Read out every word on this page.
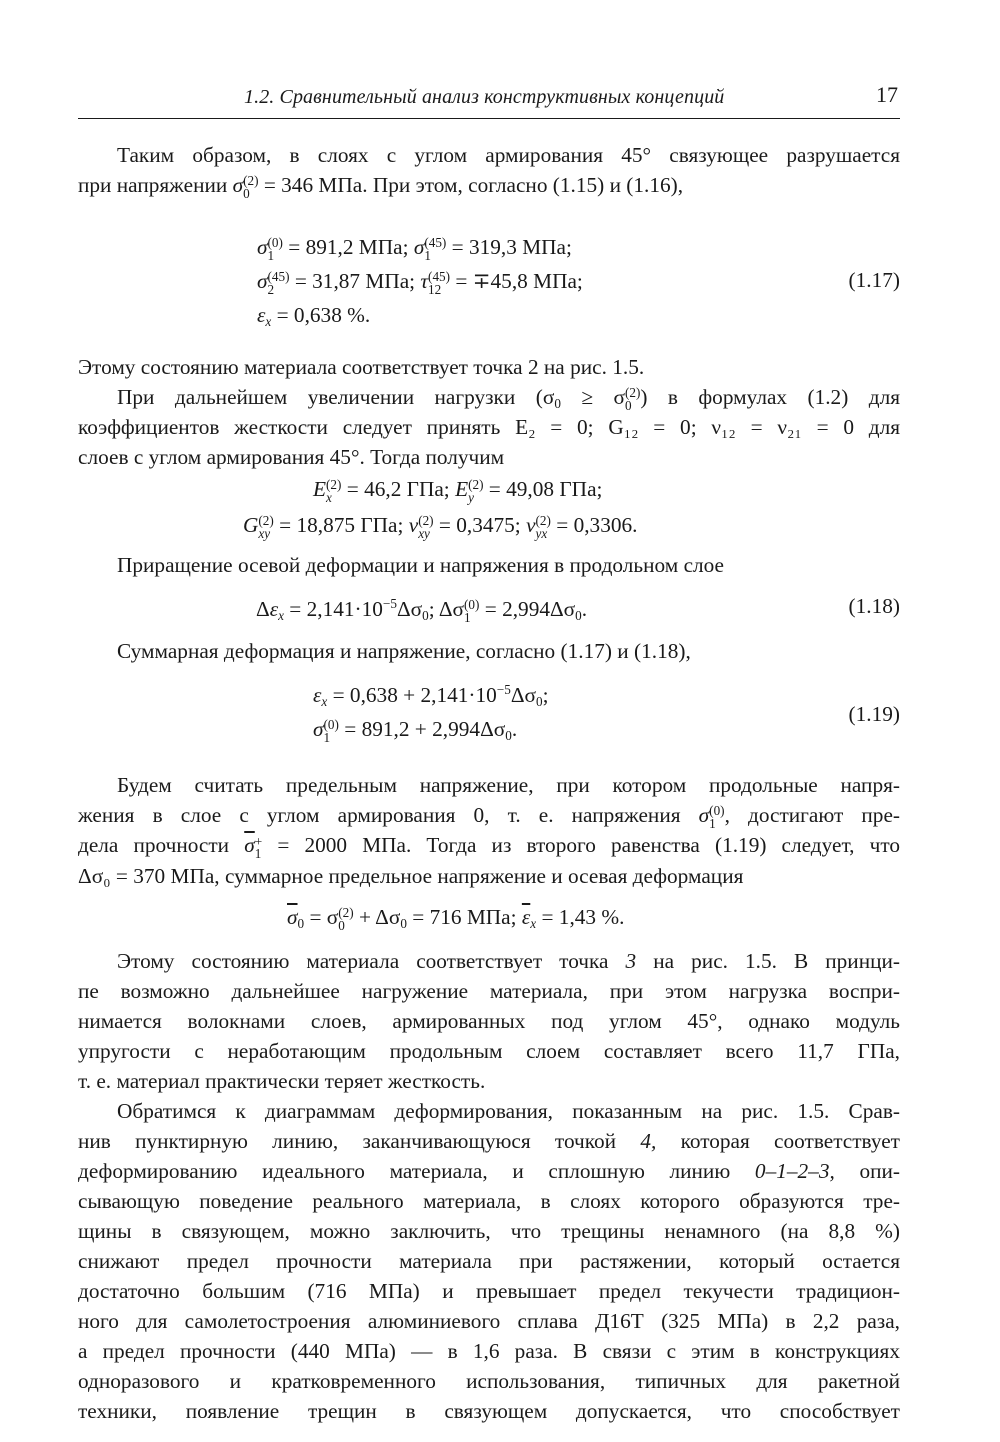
1.2. Сравнительный анализ конструктивных концепций	17

Таким образом, в слоях с углом армирования 45° связующее разрушается
при напряжении σ (2)
0 = 346 МПа. При этом, согласно (1.15) и (1.16),

σ (0)
1 = 891,2 МПа; σ (45)
1 = 319,3 МПа;
σ (45)
2 = 31,87 МПа; τ (45)
12 = ∓45,8 МПа;
$\varepsilon_x = 0,638$ %.
(1.17)

Этому состоянию материала соответствует точка 2 на рис. 1.5.

При дальнейшем увеличении нагрузки ($\sigma_0 \ge \sigma$ (2)
0 ) в формулах (1.2) для
коэффициентов жесткости следует принять E₂ = 0; G₁₂ = 0; ν₁₂ = ν₂₁ = 0 для
слоев с углом армирования 45°. Тогда получим

E (2)
x = 46,2 ГПа; E (2)
y = 49,08 ГПа;
G (2)
xy = 18,875 ГПа; ν (2)
xy = 0,3475; ν (2)
yx = 0,3306.

Приращение осевой деформации и напряжения в продольном слое

$\Delta\varepsilon_x = 2,141\cdot 10^{-5}\Delta\sigma_0$; Δσ (0)
$1 = 2,994\Delta\sigma_0$.	(1.18)

Суммарная деформация и напряжение, согласно (1.17) и (1.18),

$\varepsilon_x = 0,638 + 2,141\cdot 10^{-5}\Delta\sigma_0$;
σ (0)
$1 = 891,2 + 2,994\Delta\sigma_0$.
(1.19)

Будем считать предельным напряжение, при котором продольные напря-
жения в слое с углом армирования 0, т. е. напряжения σ (0)
1 , достигают пре-
дела прочности $\overline{\sigma}$ +
1 = 2000 МПа. Тогда из второго равенства (1.19) следует, что
Δσ₀ = 370 МПа, суммарное предельное напряжение и осевая деформация

$\overline{\sigma}_0 = \sigma$ (2)
$0 + \Delta\sigma_0 = 716$ МПа; $\overline{\varepsilon}_x = 1,43$ %.

Этому состоянию материала соответствует точка 3 на рис. 1.5. В принци-
пе возможно дальнейшее нагружение материала, при этом нагрузка воспри-
нимается волокнами слоев, армированных под углом 45°, однако модуль
упругости с неработающим продольным слоем составляет всего 11,7 ГПа,
т. е. материал практически теряет жесткость.

Обратимся к диаграммам деформирования, показанным на рис. 1.5. Срав-
нив пунктирную линию, заканчивающуюся точкой 4, которая соответствует
деформированию идеального материала, и сплошную линию 0–1–2–3, опи-
сывающую поведение реального материала, в слоях которого образуются тре-
щины в связующем, можно заключить, что трещины ненамного (на 8,8 %)
снижают предел прочности материала при растяжении, который остается
достаточно большим (716 МПа) и превышает предел текучести традицион-
ного для самолетостроения алюминиевого сплава Д16Т (325 МПа) в 2,2 раза,
а предел прочности (440 МПа) — в 1,6 раза. В связи с этим в конструкциях
одноразового и кратковременного использования, типичных для ракетной
техники, появление трещин в связующем допускается, что способствует
